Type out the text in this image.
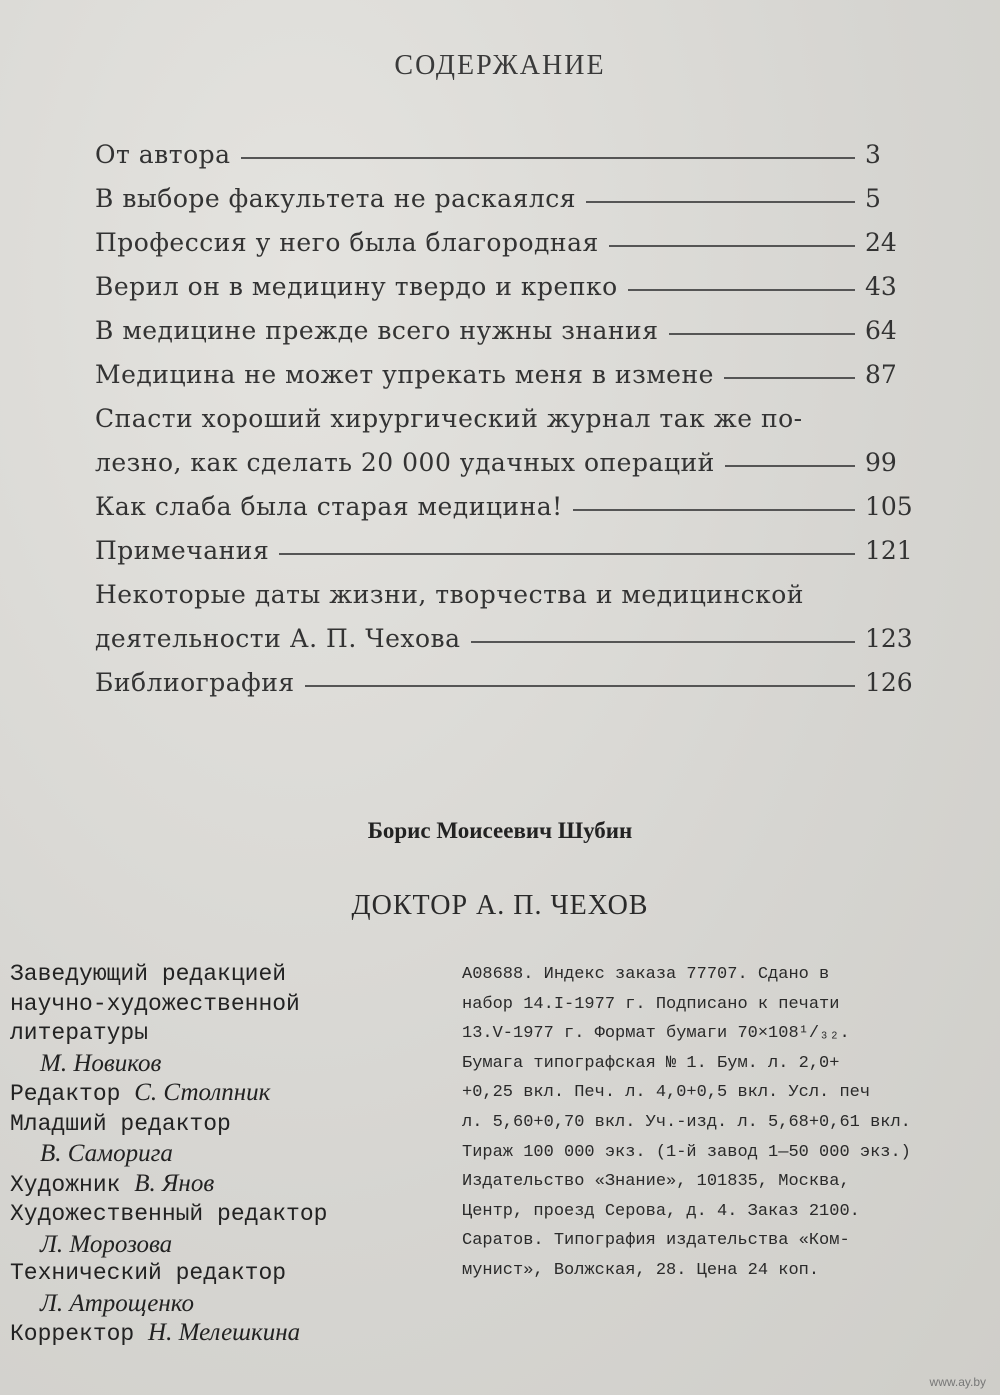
СОДЕРЖАНИЕ
От автора	3
В выборе факультета не раскаялся	5
Профессия у него была благородная	24
Верил он в медицину твердо и крепко	43
В медицине прежде всего нужны знания	64
Медицина не может упрекать меня в измене	87
Спасти хороший хирургический журнал так же по-
лезно, как сделать 20 000 удачных операций	99
Как слаба была старая медицина!	105
Примечания	121
Некоторые даты жизни, творчества и медицинской
деятельности А. П. Чехова	123
Библиография	126
Борис Моисеевич Шубин
ДОКТОР А. П. ЧЕХОВ
Заведующий редакцией
научно-художественной
литературы
М. Новиков
Редактор С. Столпник
Младший редактор
В. Саморига
Художник В. Янов
Художественный редактор
Л. Морозова
Технический редактор
Л. Атрощенко
Корректор Н. Мелешкина
А08688. Индекс заказа 77707. Сдано в
набор 14.I-1977 г. Подписано к печати
13.V-1977 г. Формат бумаги 70×108¹/₃₂.
Бумага типографская № 1. Бум. л. 2,0+
+0,25 вкл. Печ. л. 4,0+0,5 вкл. Усл. печ
л. 5,60+0,70 вкл. Уч.-изд. л. 5,68+0,61 вкл.
Тираж 100 000 экз. (1-й завод 1—50 000 экз.)
Издательство «Знание», 101835, Москва,
Центр, проезд Серова, д. 4. Заказ 2100.
Саратов. Типография издательства «Ком-
мунист», Волжская, 28. Цена 24 коп.
www.ay.by
